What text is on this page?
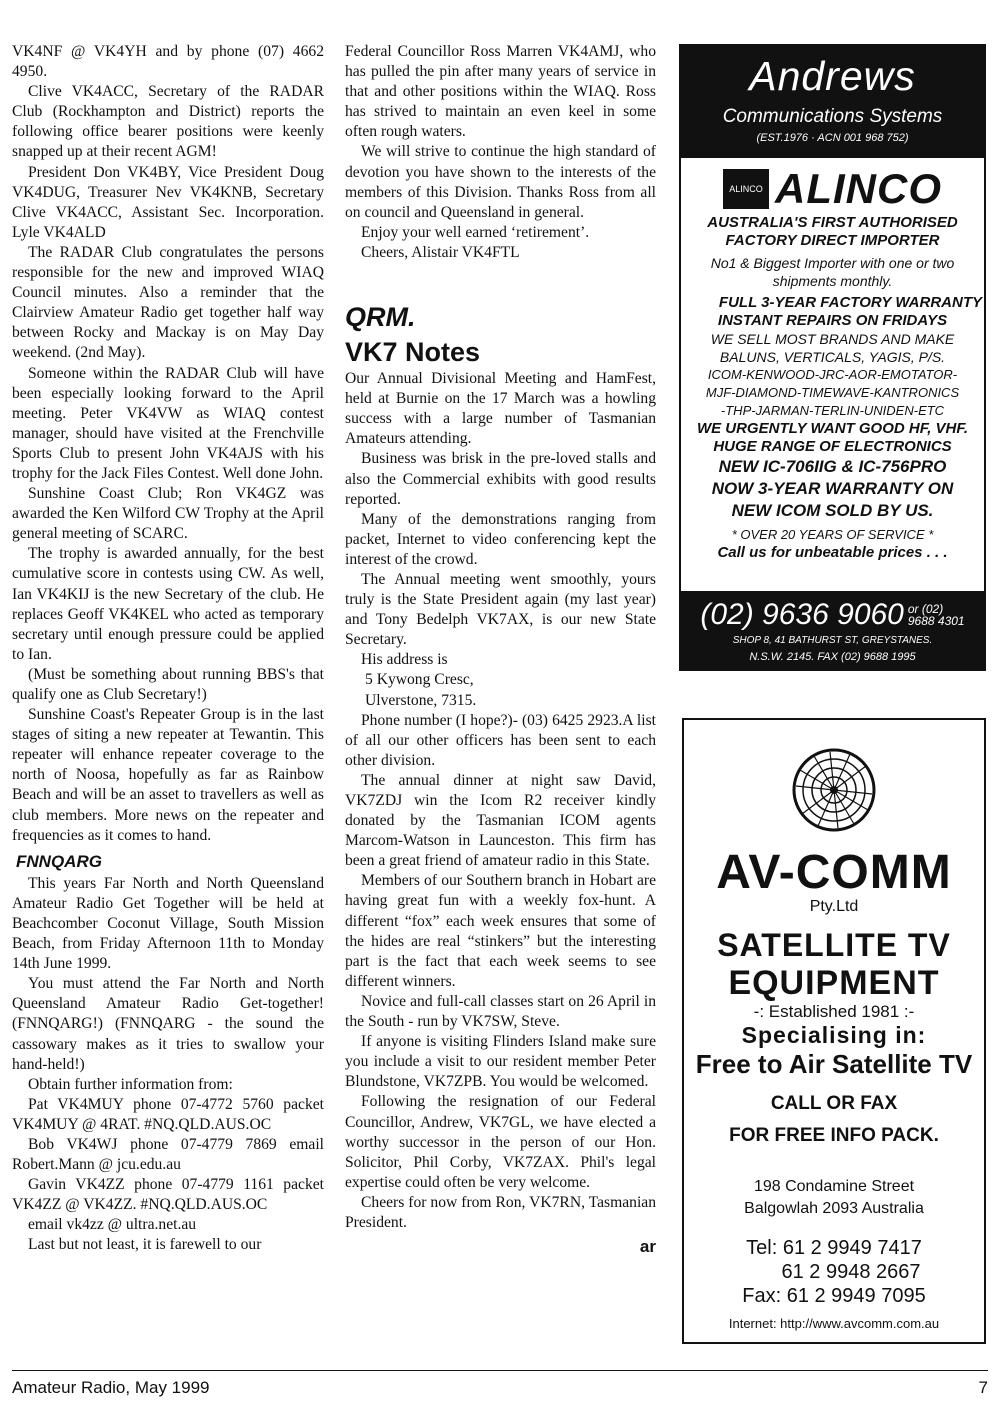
VK4NF @ VK4YH and by phone (07) 4662 4950.

Clive VK4ACC, Secretary of the RADAR Club (Rockhampton and District) reports the following office bearer positions were keenly snapped up at their recent AGM!

President Don VK4BY, Vice President Doug VK4DUG, Treasurer Nev VK4KNB, Secretary Clive VK4ACC, Assistant Sec. Incorporation. Lyle VK4ALD

The RADAR Club congratulates the persons responsible for the new and improved WIAQ Council minutes. Also a reminder that the Clairview Amateur Radio get together half way between Rocky and Mackay is on May Day weekend. (2nd May).

Someone within the RADAR Club will have been especially looking forward to the April meeting. Peter VK4VW as WIAQ contest manager, should have visited at the Frenchville Sports Club to present John VK4AJS with his trophy for the Jack Files Contest. Well done John.

Sunshine Coast Club; Ron VK4GZ was awarded the Ken Wilford CW Trophy at the April general meeting of SCARC.

The trophy is awarded annually, for the best cumulative score in contests using CW. As well, Ian VK4KIJ is the new Secretary of the club. He replaces Geoff VK4KEL who acted as temporary secretary until enough pressure could be applied to Ian.

(Must be something about running BBS's that qualify one as Club Secretary!)

Sunshine Coast's Repeater Group is in the last stages of siting a new repeater at Tewantin. This repeater will enhance repeater coverage to the north of Noosa, hopefully as far as Rainbow Beach and will be an asset to travellers as well as club members. More news on the repeater and frequencies as it comes to hand.

FNNQARG

This years Far North and North Queensland Amateur Radio Get Together will be held at Beachcomber Coconut Village, South Mission Beach, from Friday Afternoon 11th to Monday 14th June 1999.

You must attend the Far North and North Queensland Amateur Radio Get-together! (FNNQARG!) (FNNQARG - the sound the cassowary makes as it tries to swallow your hand-held!)

Obtain further information from:

Pat VK4MUY phone 07-4772 5760 packet VK4MUY @ 4RAT. #NQ.QLD.AUS.OC

Bob VK4WJ phone 07-4779 7869 email Robert.Mann @ jcu.edu.au

Gavin VK4ZZ phone 07-4779 1161 packet VK4ZZ @ VK4ZZ. #NQ.QLD.AUS.OC

email vk4zz @ ultra.net.au

Last but not least, it is farewell to our

Federal Councillor Ross Marren VK4AMJ, who has pulled the pin after many years of service in that and other positions within the WIAQ. Ross has strived to maintain an even keel in some often rough waters.

We will strive to continue the high standard of devotion you have shown to the interests of the members of this Division. Thanks Ross from all on council and Queensland in general.

Enjoy your well earned ‘retirement’.

Cheers, Alistair VK4FTL

QRM.
VK7 Notes

Our Annual Divisional Meeting and HamFest, held at Burnie on the 17 March was a howling success with a large number of Tasmanian Amateurs attending.

Business was brisk in the pre-loved stalls and also the Commercial exhibits with good results reported.

Many of the demonstrations ranging from packet, Internet to video conferencing kept the interest of the crowd.

The Annual meeting went smoothly, yours truly is the State President again (my last year) and Tony Bedelph VK7AX, is our new State Secretary.

His address is

5 Kywong Cresc,

Ulverstone, 7315.

Phone number (I hope?)- (03) 6425 2923.A list of all our other officers has been sent to each other division.

The annual dinner at night saw David, VK7ZDJ win the Icom R2 receiver kindly donated by the Tasmanian ICOM agents Marcom-Watson in Launceston. This firm has been a great friend of amateur radio in this State.

Members of our Southern branch in Hobart are having great fun with a weekly fox-hunt. A different “fox” each week ensures that some of the hides are real “stinkers” but the interesting part is the fact that each week seems to see different winners.

Novice and full-call classes start on 26 April in the South - run by VK7SW, Steve.

If anyone is visiting Flinders Island make sure you include a visit to our resident member Peter Blundstone, VK7ZPB. You would be welcomed.

Following the resignation of our Federal Councillor, Andrew, VK7GL, we have elected a worthy successor in the person of our Hon. Solicitor, Phil Corby, VK7ZAX. Phil's legal expertise could often be very welcome.

Cheers for now from Ron, VK7RN, Tasmanian President.

ar
Andrews
Communications Systems
(EST.1976 · ACN 001 968 752)
ALINCO ALINCO
AUSTRALIA'S FIRST AUTHORISED
FACTORY DIRECT IMPORTER
No1 & Biggest Importer with one or two
shipments monthly.
FULL 3-YEAR FACTORY WARRANTY
INSTANT REPAIRS ON FRIDAYS
WE SELL MOST BRANDS AND MAKE
BALUNS, VERTICALS, YAGIS, P/S.
ICOM-KENWOOD-JRC-AOR-EMOTATOR-
MJF-DIAMOND-TIMEWAVE-KANTRONICS
-THP-JARMAN-TERLIN-UNIDEN-ETC
WE URGENTLY WANT GOOD HF, VHF.
HUGE RANGE OF ELECTRONICS
NEW IC-706IIG & IC-756PRO
NOW 3-YEAR WARRANTY ON
NEW ICOM SOLD BY US.
* OVER 20 YEARS OF SERVICE *
Call us for unbeatable prices . . .
(02) 9636 9060 or (02)
9688 4301
SHOP 8, 41 BATHURST ST, GREYSTANES.
N.S.W. 2145. FAX (02) 9688 1995
AV-COMM
Pty.Ltd
SATELLITE TV
EQUIPMENT
-: Established 1981 :-
Specialising in:
Free to Air Satellite TV
CALL OR FAX
FOR FREE INFO PACK.
198 Condamine Street
Balgowlah 2093 Australia
Tel: 61 2 9949 7417
61 2 9948 2667
Fax: 61 2 9949 7095
Internet: http://www.avcomm.com.au
Amateur Radio, May 1999	7
